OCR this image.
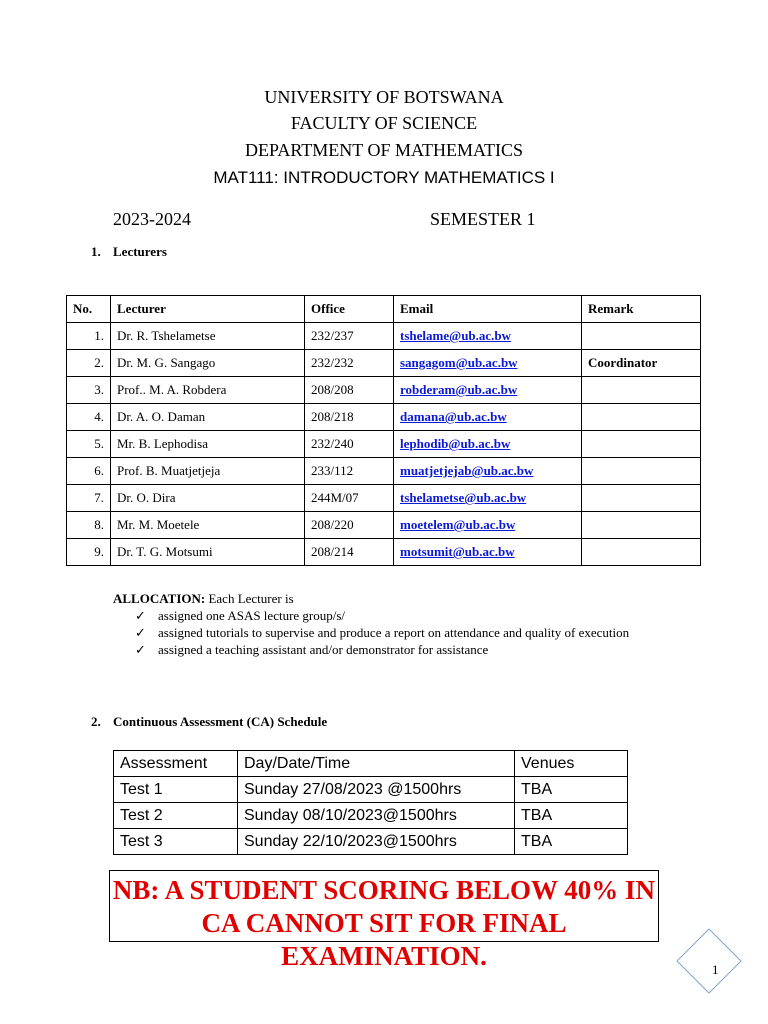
UNIVERSITY OF BOTSWANA
FACULTY OF SCIENCE
DEPARTMENT OF MATHEMATICS
MAT111: INTRODUCTORY MATHEMATICS I
2023-2024	SEMESTER 1
1. Lecturers
No.	Lecturer	Office	Email	Remark
1.	Dr. R. Tshelametse	232/237	tshelame@ub.ac.bw	
2.	Dr. M. G. Sangago	232/232	sangagom@ub.ac.bw	Coordinator
3.	Prof.. M. A. Robdera	208/208	robderam@ub.ac.bw	
4.	Dr. A. O. Daman	208/218	damana@ub.ac.bw	
5.	Mr. B. Lephodisa	232/240	lephodib@ub.ac.bw	
6.	Prof. B. Muatjetjeja	233/112	muatjetjejab@ub.ac.bw	
7.	Dr. O. Dira	244M/07	tshelametse@ub.ac.bw	
8.	Mr. M. Moetele	208/220	moetelem@ub.ac.bw	
9.	Dr. T. G. Motsumi	208/214	motsumit@ub.ac.bw	
ALLOCATION: Each Lecturer is
✓ assigned one ASAS lecture group/s/
✓ assigned tutorials to supervise and produce a report on attendance and quality of execution
✓ assigned a teaching assistant and/or demonstrator for assistance
2. Continuous Assessment (CA) Schedule
Assessment	Day/Date/Time	Venues
Test 1	Sunday 27/08/2023 @1500hrs	TBA
Test 2	Sunday 08/10/2023@1500hrs	TBA
Test 3	Sunday 22/10/2023@1500hrs	TBA
NB: A STUDENT SCORING BELOW 40% IN
CA CANNOT SIT FOR FINAL EXAMINATION.	1
